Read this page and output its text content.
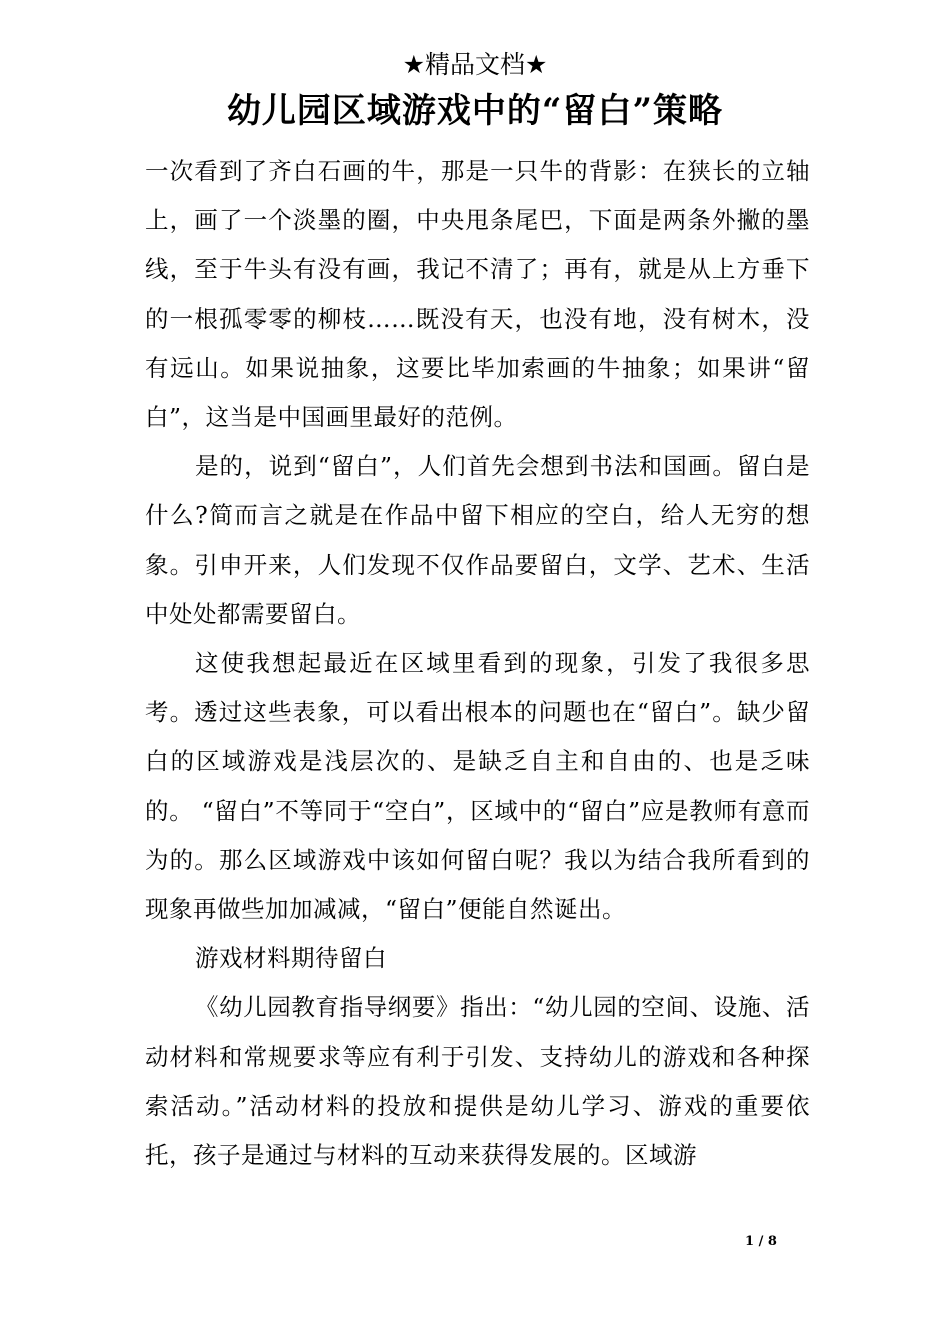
★精品文档★
幼儿园区域游戏中的“留白”策略

一次看到了齐白石画的牛，那是一只牛的背影：在狭长的立轴上，画了一个淡墨的圈，中央甩条尾巴，下面是两条外撇的墨线，至于牛头有没有画，我记不清了；再有，就是从上方垂下的一根孤零零的柳枝……既没有天，也没有地，没有树木，没有远山。如果说抽象，这要比毕加索画的牛抽象；如果讲“留白”，这当是中国画里最好的范例。

是的，说到“留白”，人们首先会想到书法和国画。留白是什么?简而言之就是在作品中留下相应的空白，给人无穷的想象。引申开来，人们发现不仅作品要留白，文学、艺术、生活中处处都需要留白。

这使我想起最近在区域里看到的现象，引发了我很多思考。透过这些表象，可以看出根本的问题也在“留白”。缺少留白的区域游戏是浅层次的、是缺乏自主和自由的、也是乏味的。 “留白”不等同于“空白”，区域中的“留白”应是教师有意而为的。那么区域游戏中该如何留白呢？我以为结合我所看到的现象再做些加加减减，“留白”便能自然诞出。

游戏材料期待留白

《幼儿园教育指导纲要》指出：“幼儿园的空间、设施、活动材料和常规要求等应有利于引发、支持幼儿的游戏和各种探索活动。”活动材料的投放和提供是幼儿学习、游戏的重要依托，孩子是通过与材料的互动来获得发展的。区域游

1 / 8
